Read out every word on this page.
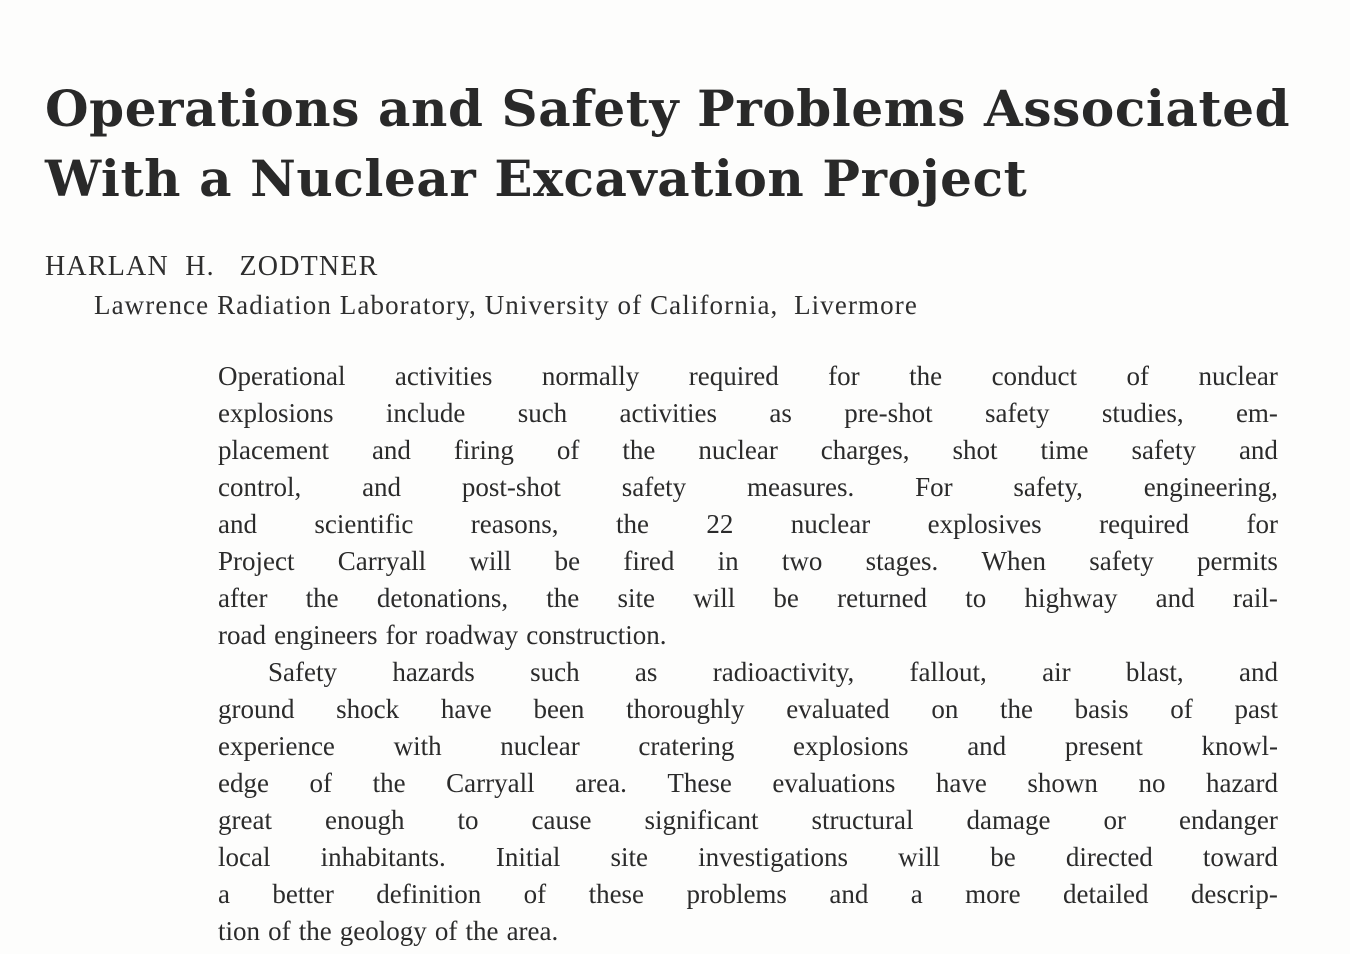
Operations and Safety Problems Associated
With a Nuclear Excavation Project
HARLAN  H.   ZODTNER
Lawrence Radiation Laboratory, University of California,  Livermore
Operational activities normally required for the conduct of nuclear
explosions include such activities as pre-shot safety studies, em-
placement and firing of the nuclear charges, shot time safety and
control, and post-shot safety measures. For safety, engineering,
and scientific reasons, the 22 nuclear explosives required for
Project Carryall will be fired in two stages. When safety permits
after the detonations, the site will be returned to highway and rail-
road engineers for roadway construction.
Safety hazards such as radioactivity, fallout, air blast, and
ground shock have been thoroughly evaluated on the basis of past
experience with nuclear cratering explosions and present knowl-
edge of the Carryall area. These evaluations have shown no hazard
great enough to cause significant structural damage or endanger
local inhabitants. Initial site investigations will be directed toward
a better definition of these problems and a more detailed descrip-
tion of the geology of the area.
